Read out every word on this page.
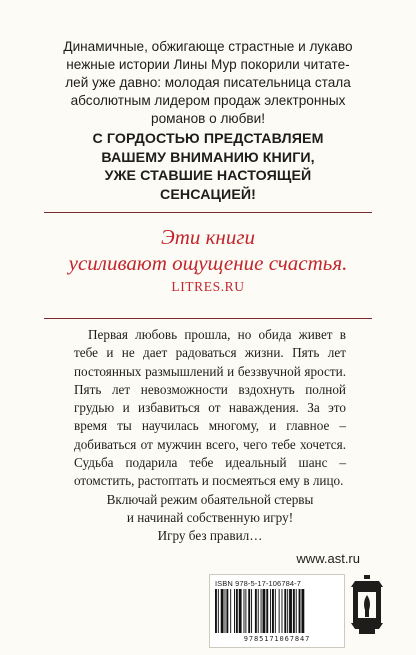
Динамичные, обжигающе страстные и лукаво
нежные истории Лины Мур покорили читате-
лей уже давно: молодая писательница стала
абсолютным лидером продаж электронных
романов о любви!
С ГОРДОСТЬЮ ПРЕДСТАВЛЯЕМ
ВАШЕМУ ВНИМАНИЮ КНИГИ,
УЖЕ СТАВШИЕ НАСТОЯЩЕЙ
СЕНСАЦИЕЙ!
Эти книги
усиливают ощущение счастья.
LITRES.RU

Первая любовь прошла, но обида живет в тебе и не дает радоваться жизни. Пять лет постоянных размышлений и беззвучной ярости. Пять лет невозможности вздохнуть полной грудью и избавиться от наваждения. За это время ты научилась многому, и главное – добиваться от мужчин всего, чего тебе хочется. Судьба подарила тебе идеальный шанс – отомстить, растоптать и посмеяться ему в лицо.

Включай режим обаятельной стервы

и начинай собственную игру!

Игру без правил…

www.ast.ru
ISBN 978-5-17-106784-7
9785171067847
